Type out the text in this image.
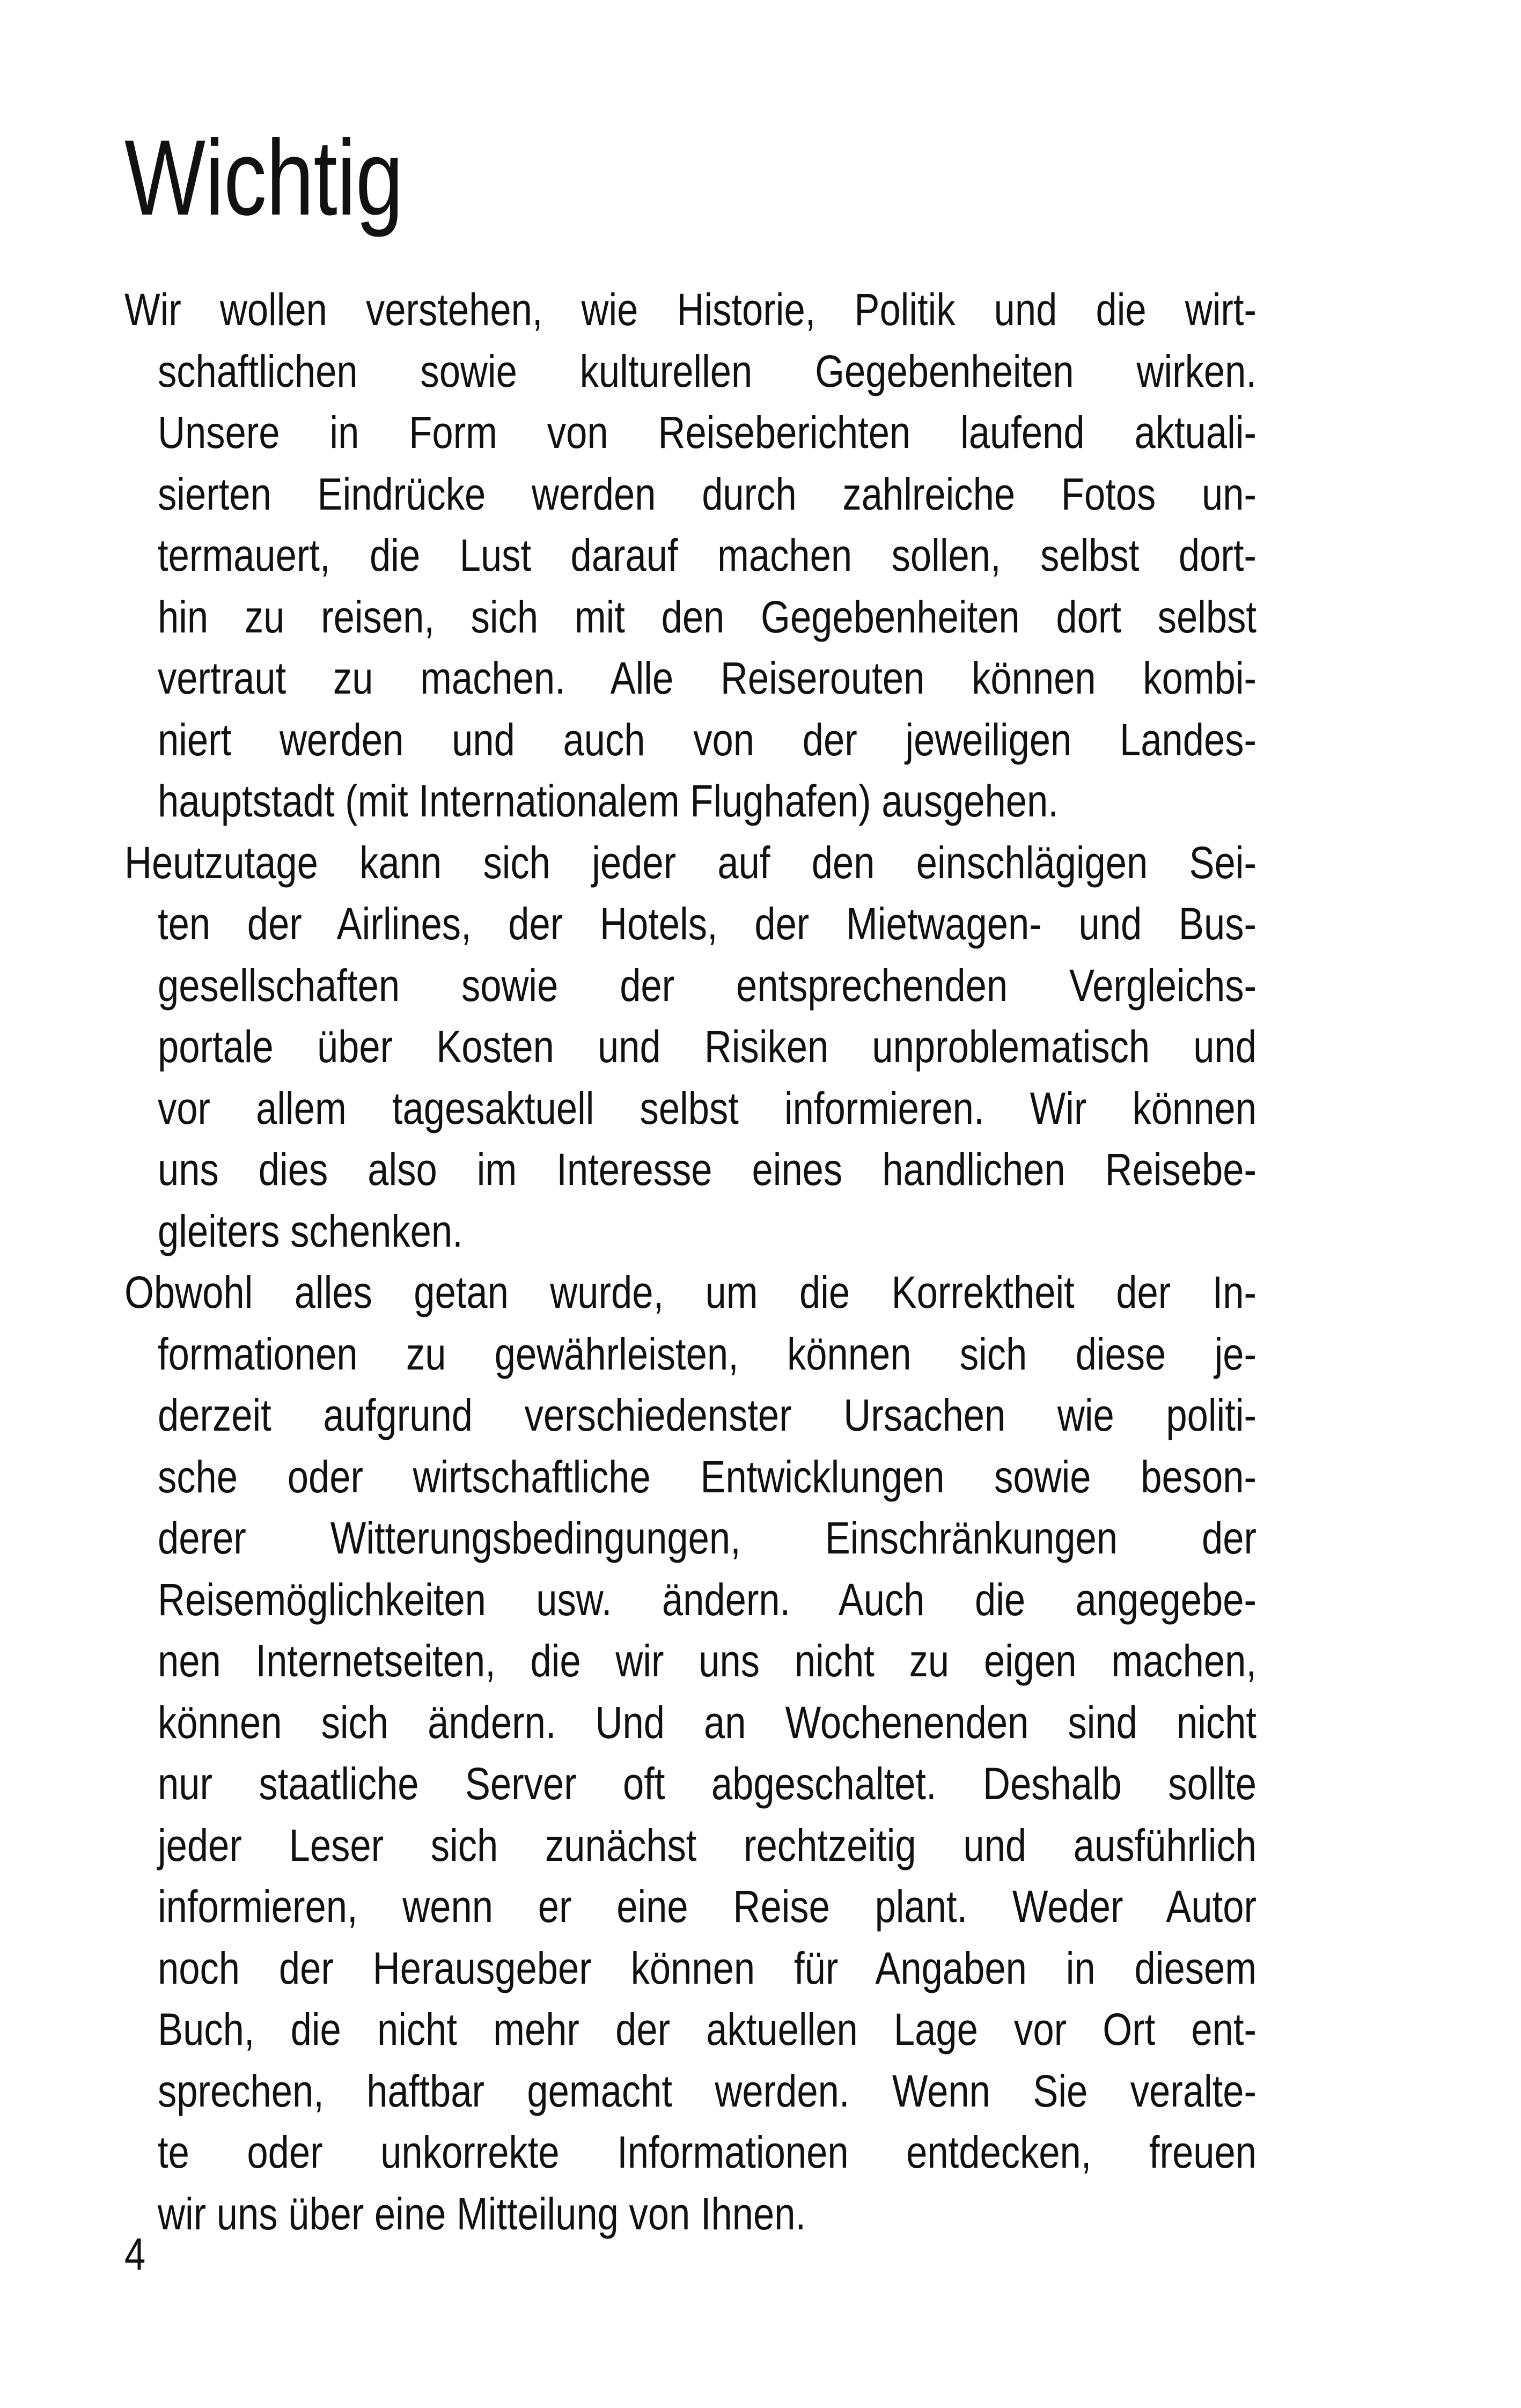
Wichtig
Wir wollen verstehen, wie Historie, Politik und die wirt-
schaftlichen sowie kulturellen Gegebenheiten wirken.
Unsere in Form von Reiseberichten laufend aktuali-
sierten Eindrücke werden durch zahlreiche Fotos un-
termauert, die Lust darauf machen sollen, selbst dort-
hin zu reisen, sich mit den Gegebenheiten dort selbst
vertraut zu machen. Alle Reiserouten können kombi-
niert werden und auch von der jeweiligen Landes-
hauptstadt (mit Internationalem Flughafen) ausgehen.
Heutzutage kann sich jeder auf den einschlägigen Sei-
ten der Airlines, der Hotels, der Mietwagen- und Bus-
gesellschaften sowie der entsprechenden Vergleichs-
portale über Kosten und Risiken unproblematisch und
vor allem tagesaktuell selbst informieren. Wir können
uns dies also im Interesse eines handlichen Reisebe-
gleiters schenken.
Obwohl alles getan wurde, um die Korrektheit der In-
formationen zu gewährleisten, können sich diese je-
derzeit aufgrund verschiedenster Ursachen wie politi-
sche oder wirtschaftliche Entwicklungen sowie beson-
derer Witterungsbedingungen, Einschränkungen der
Reisemöglichkeiten usw. ändern. Auch die angegebe-
nen Internetseiten, die wir uns nicht zu eigen machen,
können sich ändern. Und an Wochenenden sind nicht
nur staatliche Server oft abgeschaltet. Deshalb sollte
jeder Leser sich zunächst rechtzeitig und ausführlich
informieren, wenn er eine Reise plant. Weder Autor
noch der Herausgeber können für Angaben in diesem
Buch, die nicht mehr der aktuellen Lage vor Ort ent-
sprechen, haftbar gemacht werden. Wenn Sie veralte-
te oder unkorrekte Informationen entdecken, freuen
wir uns über eine Mitteilung von Ihnen.
4
